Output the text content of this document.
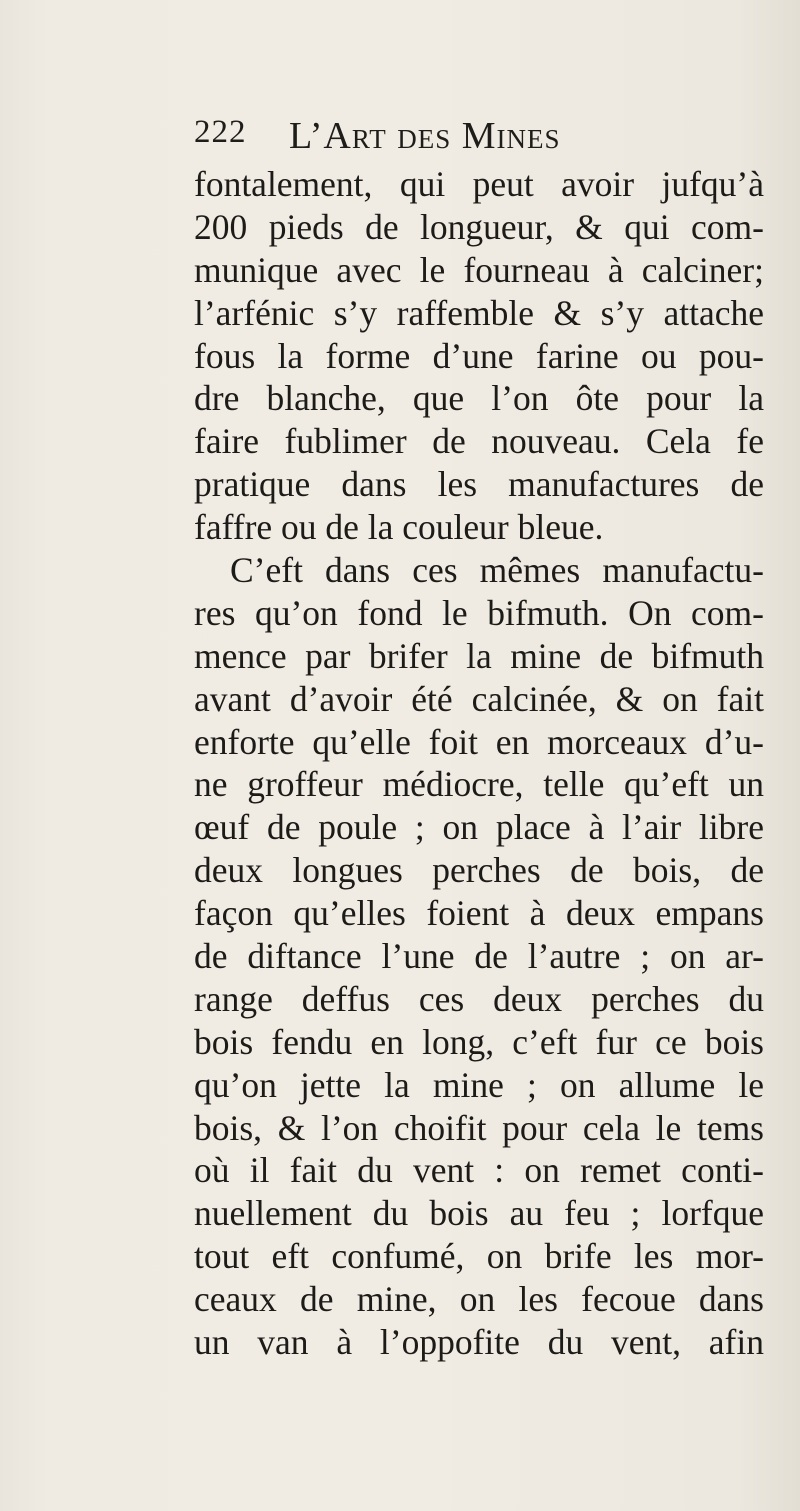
222 L’Art des Mines
fontalement, qui peut avoir jufqu’à
200 pieds de longueur, & qui com-
munique avec le fourneau à calciner;
l’arfénic s’y raffemble & s’y attache
fous la forme d’une farine ou pou-
dre blanche, que l’on ôte pour la
faire fublimer de nouveau. Cela fe
pratique dans les manufactures de
faffre ou de la couleur bleue.
C’eft dans ces mêmes manufactu-
res qu’on fond le bifmuth. On com-
mence par brifer la mine de bifmuth
avant d’avoir été calcinée, & on fait
enforte qu’elle foit en morceaux d’u-
ne groffeur médiocre, telle qu’eft un
œuf de poule ; on place à l’air libre
deux longues perches de bois, de
façon qu’elles foient à deux empans
de diftance l’une de l’autre ; on ar-
range deffus ces deux perches du
bois fendu en long, c’eft fur ce bois
qu’on jette la mine ; on allume le
bois, & l’on choifit pour cela le tems
où il fait du vent : on remet conti-
nuellement du bois au feu ; lorfque
tout eft confumé, on brife les mor-
ceaux de mine, on les fecoue dans
un van à l’oppofite du vent, afin
